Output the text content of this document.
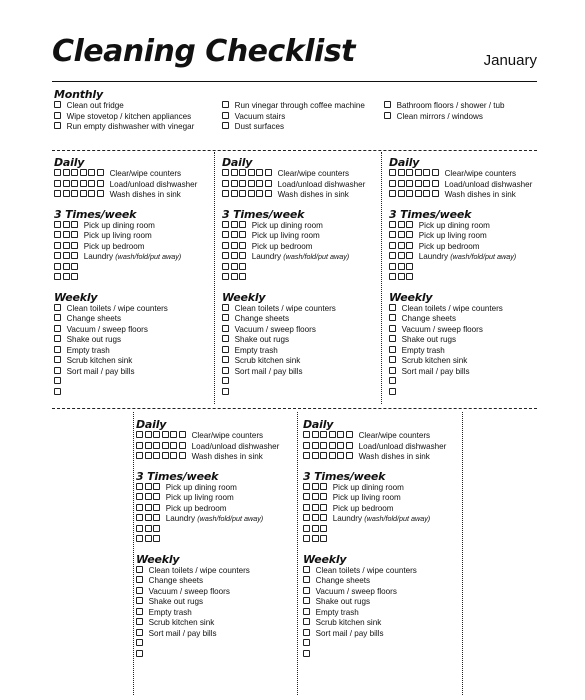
Cleaning Checklist	January
Monthly
Clean out fridge
Wipe stovetop / kitchen appliances
Run empty dishwasher with vinegar
Run vinegar through coffee machine
Vacuum stairs
Dust surfaces
Bathroom floors / shower / tub
Clean mirrors / windows
Daily
Clear/wipe counters
Load/unload dishwasher
Wash dishes in sink
3 Times/week
Pick up dining room
Pick up living room
Pick up bedroom
Laundry (wash/fold/put away)
Weekly
Clean toilets / wipe counters
Change sheets
Vacuum / sweep floors
Shake out rugs
Empty trash
Scrub kitchen sink
Sort mail / pay bills
Daily
Clear/wipe counters
Load/unload dishwasher
Wash dishes in sink
3 Times/week
Pick up dining room
Pick up living room
Pick up bedroom
Laundry (wash/fold/put away)
Weekly
Clean toilets / wipe counters
Change sheets
Vacuum / sweep floors
Shake out rugs
Empty trash
Scrub kitchen sink
Sort mail / pay bills
Daily
Clear/wipe counters
Load/unload dishwasher
Wash dishes in sink
3 Times/week
Pick up dining room
Pick up living room
Pick up bedroom
Laundry (wash/fold/put away)
Weekly
Clean toilets / wipe counters
Change sheets
Vacuum / sweep floors
Shake out rugs
Empty trash
Scrub kitchen sink
Sort mail / pay bills
Daily
Clear/wipe counters
Load/unload dishwasher
Wash dishes in sink
3 Times/week
Pick up dining room
Pick up living room
Pick up bedroom
Laundry (wash/fold/put away)
Weekly
Clean toilets / wipe counters
Change sheets
Vacuum / sweep floors
Shake out rugs
Empty trash
Scrub kitchen sink
Sort mail / pay bills
Daily
Clear/wipe counters
Load/unload dishwasher
Wash dishes in sink
3 Times/week
Pick up dining room
Pick up living room
Pick up bedroom
Laundry (wash/fold/put away)
Weekly
Clean toilets / wipe counters
Change sheets
Vacuum / sweep floors
Shake out rugs
Empty trash
Scrub kitchen sink
Sort mail / pay bills
